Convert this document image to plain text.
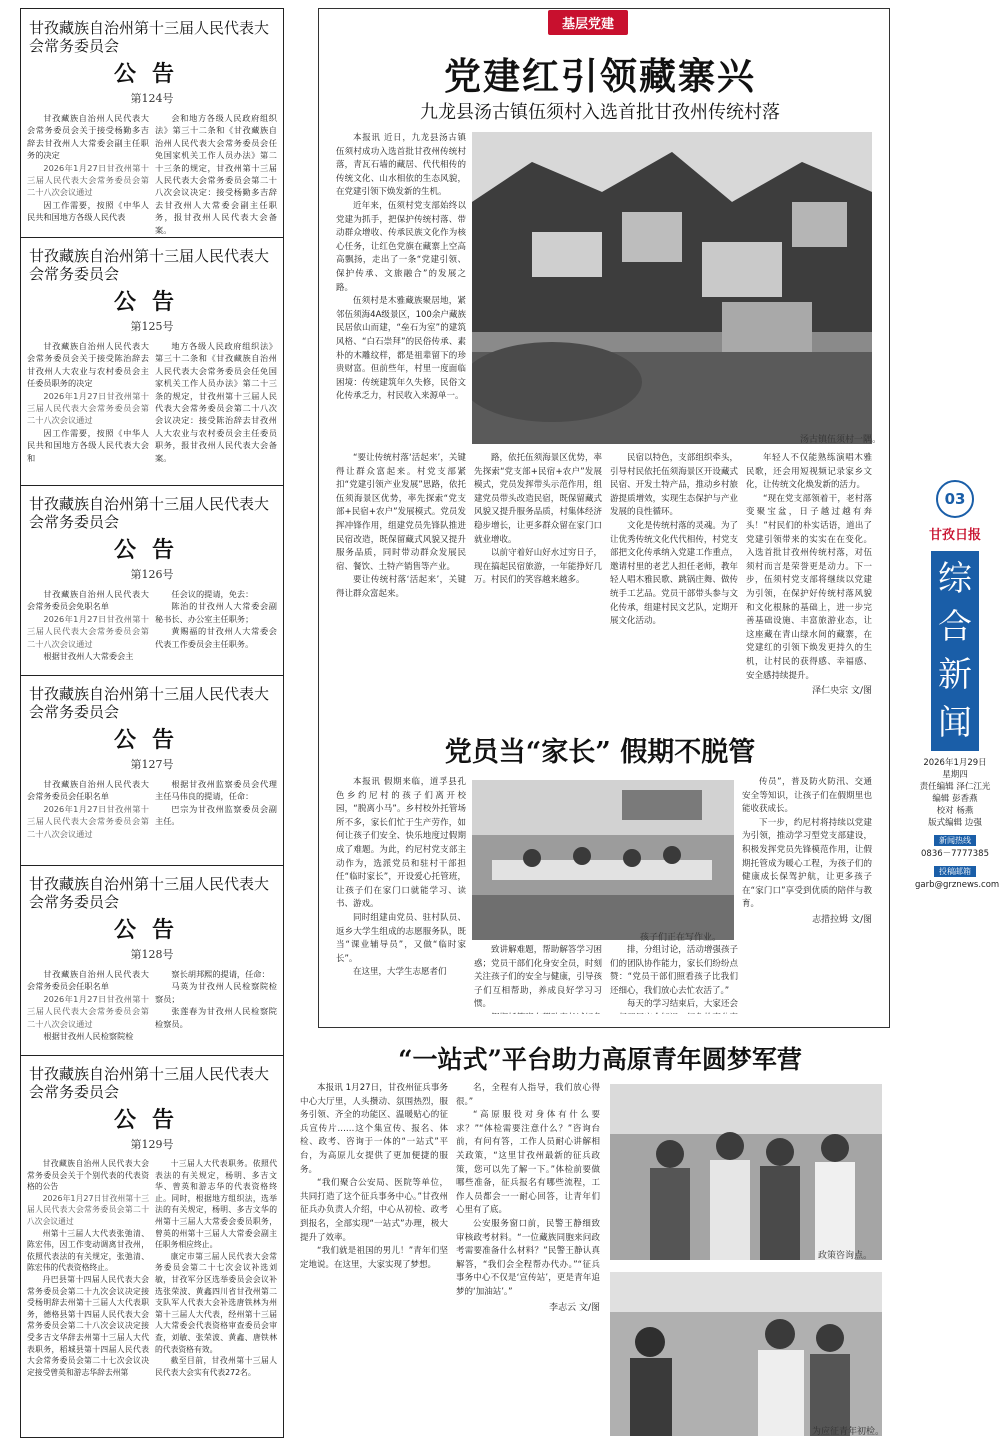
甘孜藏族自治州第十三届人民代表大会常务委员会
公告
第124号

甘孜藏族自治州人民代表大会常务委员会关于接受杨勤多吉辞去甘孜州人大常委会副主任职务的决定

2026年1月27日甘孜州第十三届人民代表大会常务委员会第二十八次会议通过

因工作需要，按照《中华人民共和国地方各级人民代表

会和地方各级人民政府组织法》第三十二条和《甘孜藏族自治州人民代表大会常务委员会任免国家机关工作人员办法》第二十三条的规定，甘孜州第十三届人民代表大会常务委员会第二十八次会议决定：接受杨勤多吉辞去甘孜州人大常委会副主任职务，报甘孜州人民代表大会备案。

甘孜藏族自治州第十三届人民代表大会常务委员会
公告
第125号

甘孜藏族自治州人民代表大会常务委员会关于接受陈治辞去甘孜州人大农业与农村委员会主任委员职务的决定

2026年1月27日甘孜州第十三届人民代表大会常务委员会第二十八次会议通过

因工作需要，按照《中华人民共和国地方各级人民代表大会和

地方各级人民政府组织法》第三十二条和《甘孜藏族自治州人民代表大会常务委员会任免国家机关工作人员办法》第二十三条的规定，甘孜州第十三届人民代表大会常务委员会第二十八次会议决定：接受陈治辞去甘孜州人大农业与农村委员会主任委员职务，报甘孜州人民代表大会备案。

甘孜藏族自治州第十三届人民代表大会常务委员会
公告
第126号

甘孜藏族自治州人民代表大会常务委员会免职名单

2026年1月27日甘孜州第十三届人民代表大会常务委员会第二十八次会议通过

根据甘孜州人大常委会主

任会议的提请，免去：

陈治的甘孜州人大常委会副秘书长、办公室主任职务；

黄赐福的甘孜州人大常委会代表工作委员会主任职务。

甘孜藏族自治州第十三届人民代表大会常务委员会
公告
第127号

甘孜藏族自治州人民代表大会常务委员会任职名单

2026年1月27日甘孜州第十三届人民代表大会常务委员会第二十八次会议通过

根据甘孜州监察委员会代理主任马伟良的提请，任命：

巴宗为甘孜州监察委员会副主任。

甘孜藏族自治州第十三届人民代表大会常务委员会
公告
第128号

甘孜藏族自治州人民代表大会常务委员会任职名单

2026年1月27日甘孜州第十三届人民代表大会常务委员会第二十八次会议通过

根据甘孜州人民检察院检

察长胡邦熙的提请，任命：

马英为甘孜州人民检察院检察员；

张莲春为甘孜州人民检察院检察员。

甘孜藏族自治州第十三届人民代表大会常务委员会
公告
第129号

甘孜藏族自治州人民代表大会常务委员会关于个别代表的代表资格的公告

2026年1月27日甘孜州第十三届人民代表大会常务委员会第二十八次会议通过

州第十三届人大代表张弛清、陈宏伟，因工作变动调离甘孜州，依照代表法的有关规定，张弛清、陈宏伟的代表资格终止。

丹巴县第十四届人民代表大会常务委员会第二十九次会议决定接受杨明辞去州第十三届人大代表职务，德格县第十四届人民代表大会常务委员会第二十八次会议决定接受多吉文华辞去州第十三届人大代表职务，稻城县第十四届人民代表大会常务委员会第二十七次会议决定接受曾英和游志华辞去州第

十三届人大代表职务。依照代表法的有关规定，杨明、多吉文华、曾英和游志华的代表资格终止。同时，根据地方组织法，选举法的有关规定，杨明、多吉文华的州第十三届人大常委会委员职务，曾英的州第十三届人大常委会副主任职务相应终止。

康定市第三届人民代表大会常务委员会第二十七次会议补选刘敏，甘孜军分区选举委员会会议补选张荣波、黄鑫四川省甘孜州第二支队军人代表大会补选唐铁林为州第十三届人大代表，经州第十三届人大常委会代表资格审查委员会审查，刘敏、张荣波、黄鑫、唐铁林的代表资格有效。

截至目前，甘孜州第十三届人民代表大会实有代表272名。

基层党建
党建红引领藏寨兴
九龙县汤古镇伍须村入选首批甘孜州传统村落
汤古镇伍须村一隅。

本报讯 近日，九龙县汤古镇伍须村成功入选首批甘孜州传统村落，青瓦石墙的藏居、代代相传的传统文化、山水相依的生态风貌，在党建引领下焕发新的生机。

近年来，伍须村党支部始终以党建为抓手，把保护传统村落、带动群众增收、传承民族文化作为核心任务，让红色党旗在藏寨上空高高飘扬，走出了一条“党建引领、保护传承、文旅融合”的发展之路。

伍须村是木雅藏族聚居地，紧邻伍须海4A级景区，100余户藏族民居依山而建，“垒石为室”的建筑风格、“白石崇拜”的民俗传承、素朴的木雕纹样，都是祖辈留下的珍贵财富。但前些年，村里一度面临困境：传统建筑年久失修，民俗文化传承乏力，村民收入来源单一。

“要让传统村落‘活起来’，关键得让群众富起来。村党支部紧扣“党建引领产业发展”思路，依托伍须海景区优势，率先探索“党支部+民宿+农户”发展模式。党员发挥冲锋作用，组建党员先锋队推进民宿改造，既保留藏式风貌又提升服务品质，同时带动群众发展民宿、餐饮、土特产销售等产业。

要让传统村落‘活起来’，关键得让群众富起来。

路，依托伍须海景区优势，率先探索“党支部+民宿+农户”发展模式，党员发挥带头示范作用，组建党员带头改造民宿，既保留藏式风貌又提升服务品质，村集体经济稳步增长，让更多群众留在家门口就业增收。

以前守着好山好水过穷日子，现在搞起民宿旅游，一年能挣好几万。村民们的笑容越来越多。

民宿以特色，支部组织牵头，引导村民依托伍须海景区开设藏式民宿、开发土特产品，推动乡村旅游提质增效，实现生态保护与产业发展的良性循环。

文化是传统村落的灵魂。为了让优秀传统文化代代相传，村党支部把文化传承纳入党建工作重点，邀请村里的老艺人担任老师，教年轻人唱木雅民歌、跳锅庄舞、做传统手工艺品。党员干部带头参与文化传承，组建村民文艺队，定期开展文化活动。

年轻人不仅能熟练演唱木雅民歌，还会用短视频记录家乡文化，让传统文化焕发新的活力。

“现在党支部领着干，老村落变聚宝盆，日子越过越有奔头！”村民们的朴实话语，道出了党建引领带来的实实在在变化。入选首批甘孜州传统村落，对伍须村而言是荣誉更是动力。下一步，伍须村党支部将继续以党建为引领，在保护好传统村落风貌和文化根脉的基础上，进一步完善基础设施、丰富旅游业态，让这座藏在青山绿水间的藏寨，在党建红的引领下焕发更持久的生机，让村民的获得感、幸福感、安全感持续提升。

泽仁央宗 文/图
党员当“家长” 假期不脱管
孩子们正在写作业。

本报讯 假期来临，道孚县孔色乡约尼村的孩子们离开校园，“脱离小马”。乡村校外托管场所不多，家长们忙于生产劳作，如何让孩子们安全、快乐地度过假期成了难题。为此，约尼村党支部主动作为，选派党员和驻村干部担任“临时家长”，开设爱心托管班，让孩子们在家门口就能学习、读书、游戏。

同时组建由党员、驻村队员、返乡大学生组成的志愿服务队，既当“课业辅导员”，又做“临时家长”。

在这里，大学生志愿者们

致讲解难题，帮助解答学习困惑；党员干部们化身安全员，时刻关注孩子们的安全与健康，引导孩子们互相帮助，养成良好学习习惯。

排，分组讨论，活动增强孩子们的团队协作能力，家长们纷纷点赞：“党员干部们照看孩子比我们还细心，我们放心去忙农活了。”

每天的学习结束后，大家还会

传员”，普及防火防汛、交通安全等知识，让孩子们在假期里也能收获成长。

下一步，约尼村将持续以党建为引领，推动学习型党支部建设，积极发挥党员先锋模范作用，让假期托管成为暖心工程，为孩子们的健康成长保驾护航，让更多孩子在“家门口”享受到优质的陪伴与教育。

志措拉姆 文/图
“一站式”平台助力高原青年圆梦军营

本报讯 1月27日，甘孜州征兵事务中心大厅里，人头攒动、氛围热烈，服务引领、齐全的功能区、温暖贴心的征兵宣传片……这个集宣传、报名、体检、政考、咨询于一体的“一站式”平台，为高原儿女提供了更加便捷的服务。

“我们聚合公安局、医院等单位，共同打造了这个征兵事务中心。”甘孜州征兵办负责人介绍，中心从初检、政考到报名，全部实现“一站式”办理，极大提升了效率。

“我们就是祖国的男儿！”青年们坚定地说。在这里，大家实现了梦想。

名，全程有人指导，我们放心得很。”

“高原服役对身体有什么要求？”“体检需要注意什么？”咨询台前，有问有答，工作人员耐心讲解相关政策，“这里甘孜州最新的征兵政策，您可以先了解一下。”体检前要做哪些准备，征兵报名有哪些流程，工作人员都会一一耐心回答，让青年们心里有了底。

公安服务窗口前，民警王静细致审核政考材料。“一位藏族同胞来问政考需要准备什么材料？”民警王静认真解答，“我们会全程帮办代办。”“征兵事务中心不仅是‘宣传站’，更是青年追梦的‘加油站’。”

李志云 文/图
政策咨询点。
为应征青年初检。
03
甘孜日报
综
合
新
闻
2026年1月29日
星期四
责任编辑 泽仁江光
编辑 彭香燕
校对 杨燕
版式编辑 边强
新闻热线
0836－7777385
投稿邮箱
garb@grznews.com
